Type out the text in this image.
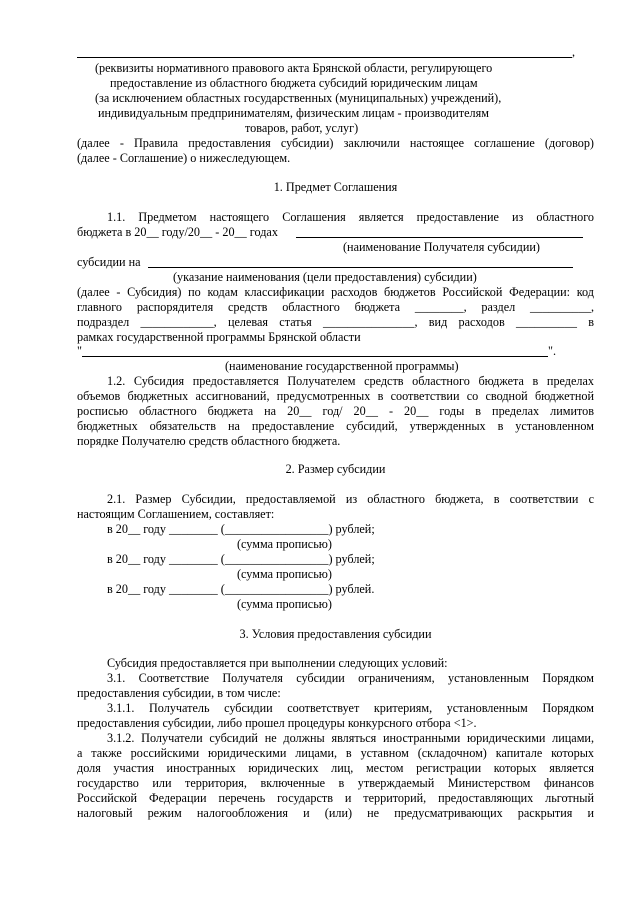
,
(реквизиты нормативного правового акта Брянской области, регулирующего
предоставление из областного бюджета субсидий юридическим лицам
(за исключением областных государственных (муниципальных) учреждений),
индивидуальным предпринимателям, физическим лицам - производителям
товаров, работ, услуг)
(далее - Правила предоставления субсидии) заключили настоящее соглашение (договор)
(далее - Соглашение) о нижеследующем.
1. Предмет Соглашения
1.1. Предметом настоящего Соглашения является предоставление из областного
бюджета в 20__ году/20__ - 20__ годах
(наименование Получателя субсидии)
субсидии на
(указание наименования (цели предоставления) субсидии)
(далее - Субсидия) по кодам классификации расходов бюджетов Российской Федерации: код
главного распорядителя средств областного бюджета ________, раздел __________,
подраздел ____________, целевая статья _______________, вид расходов __________ в
рамках государственной программы Брянской области
"	".
(наименование государственной программы)
1.2. Субсидия предоставляется Получателем средств областного бюджета в пределах
объемов бюджетных ассигнований, предусмотренных в соответствии со сводной бюджетной
росписью областного бюджета на 20__ год/ 20__ - 20__ годы в пределах лимитов
бюджетных обязательств на предоставление субсидий, утвержденных в установленном
порядке Получателю средств областного бюджета.
2. Размер субсидии
2.1. Размер Субсидии, предоставляемой из областного бюджета, в соответствии с
настоящим Соглашением, составляет:
в 20__ году ________ (_________________) рублей;
(сумма прописью)
в 20__ году ________ (_________________) рублей;
(сумма прописью)
в 20__ году ________ (_________________) рублей.
(сумма прописью)
3. Условия предоставления субсидии
Субсидия предоставляется при выполнении следующих условий:
3.1. Соответствие Получателя субсидии ограничениям, установленным Порядком
предоставления субсидии, в том числе:
3.1.1. Получатель субсидии соответствует критериям, установленным Порядком
предоставления субсидии, либо прошел процедуры конкурсного отбора <1>.
3.1.2. Получатели субсидий не должны являться иностранными юридическими лицами,
а также российскими юридическими лицами, в уставном (складочном) капитале которых
доля участия иностранных юридических лиц, местом регистрации которых является
государство или территория, включенные в утверждаемый Министерством финансов
Российской Федерации перечень государств и территорий, предоставляющих льготный
налоговый режим налогообложения и (или) не предусматривающих раскрытия и
